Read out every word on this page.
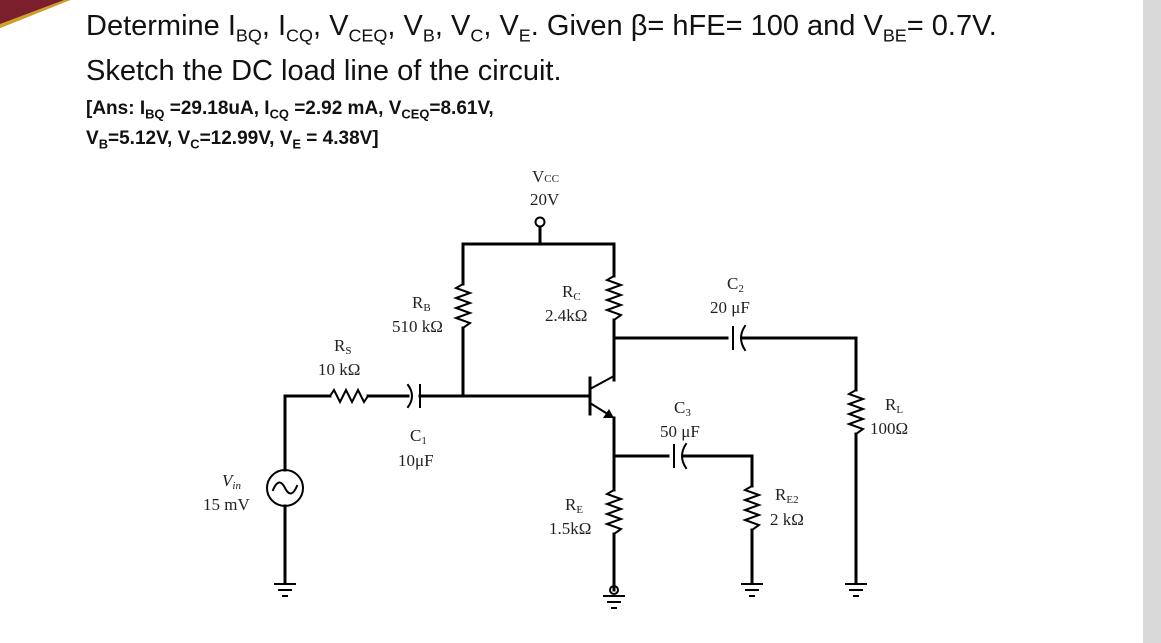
Determine $I_{BQ}$, $I_{CQ}$, $V_{CEQ}$, $V_B$, $V_C$, $V_E$. Given β= hFE= 100 and $V_{BE}= 0.7V$.
Sketch the DC load line of the circuit.
[Ans: $I_{BQ} =29.18uA$, $I_{CQ} =2.92$ mA, $V_{CEQ}=8.61V$,
$V_B=5.12V$, $V_C=12.99V$, $V_E = 4.38V$]
VCC
20V
RB
510 kΩ
RC
2.4kΩ
C2
20 μF
RS
10 kΩ
C1
10μF
C3
50 μF
RL
100Ω
Vin
15 mV	RE
1.5kΩ
RE2
2 kΩ
